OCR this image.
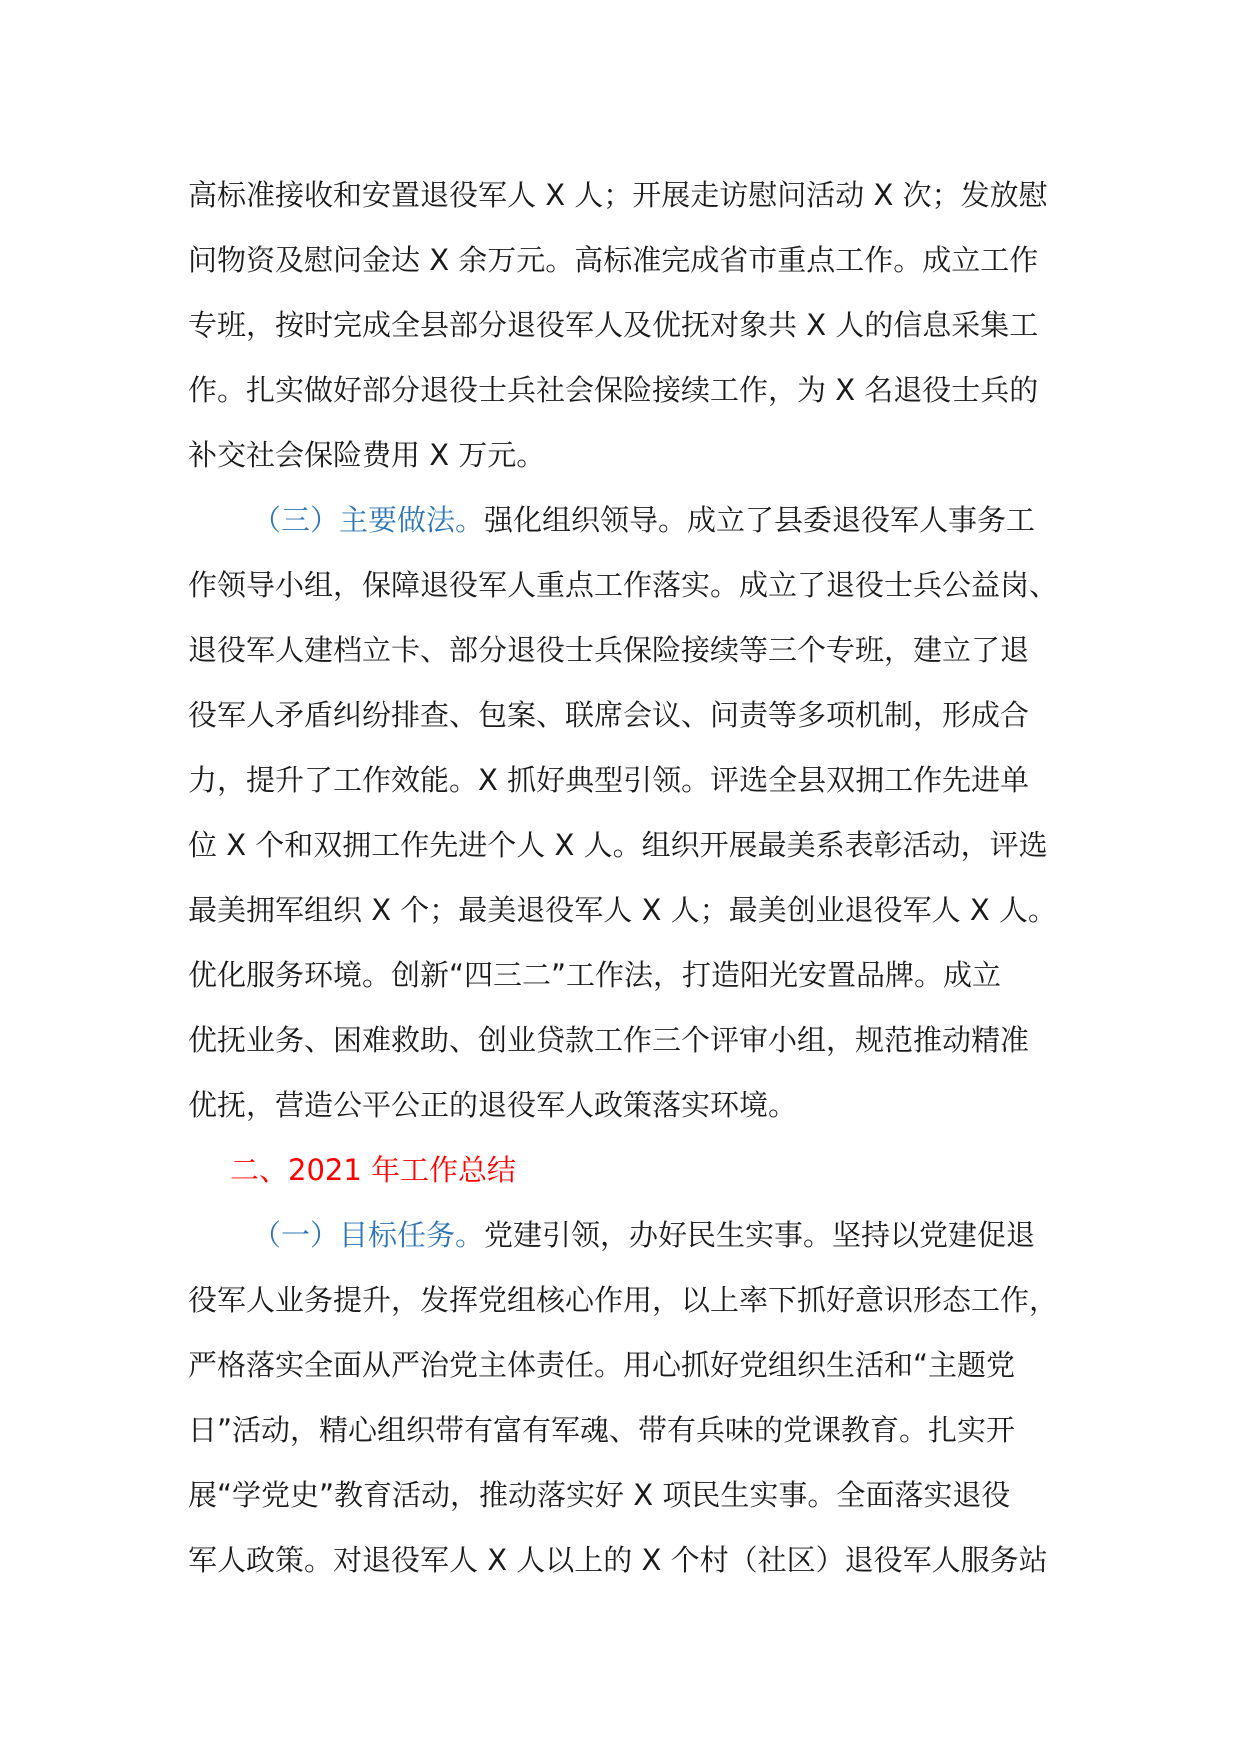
高标准接收和安置退役军人 X 人；开展走访慰问活动 X 次；发放慰
问物资及慰问金达 X 余万元。高标准完成省市重点工作。成立工作
专班，按时完成全县部分退役军人及优抚对象共 X 人的信息采集工
作。扎实做好部分退役士兵社会保险接续工作，为 X 名退役士兵的
补交社会保险费用 X 万元。
（三）主要做法。强化组织领导。成立了县委退役军人事务工
作领导小组，保障退役军人重点工作落实。成立了退役士兵公益岗、
退役军人建档立卡、部分退役士兵保险接续等三个专班，建立了退
役军人矛盾纠纷排查、包案、联席会议、问责等多项机制，形成合
力，提升了工作效能。X 抓好典型引领。评选全县双拥工作先进单
位 X 个和双拥工作先进个人 X 人。组织开展最美系表彰活动，评选
最美拥军组织 X 个；最美退役军人 X 人；最美创业退役军人 X 人。
优化服务环境。创新“四三二”工作法，打造阳光安置品牌。成立
优抚业务、困难救助、创业贷款工作三个评审小组，规范推动精准
优抚，营造公平公正的退役军人政策落实环境。
二、2021 年工作总结
（一）目标任务。党建引领，办好民生实事。坚持以党建促退
役军人业务提升，发挥党组核心作用，以上率下抓好意识形态工作，
严格落实全面从严治党主体责任。用心抓好党组织生活和“主题党
日”活动，精心组织带有富有军魂、带有兵味的党课教育。扎实开
展“学党史”教育活动，推动落实好 X 项民生实事。全面落实退役
军人政策。对退役军人 X 人以上的 X 个村（社区）退役军人服务站
